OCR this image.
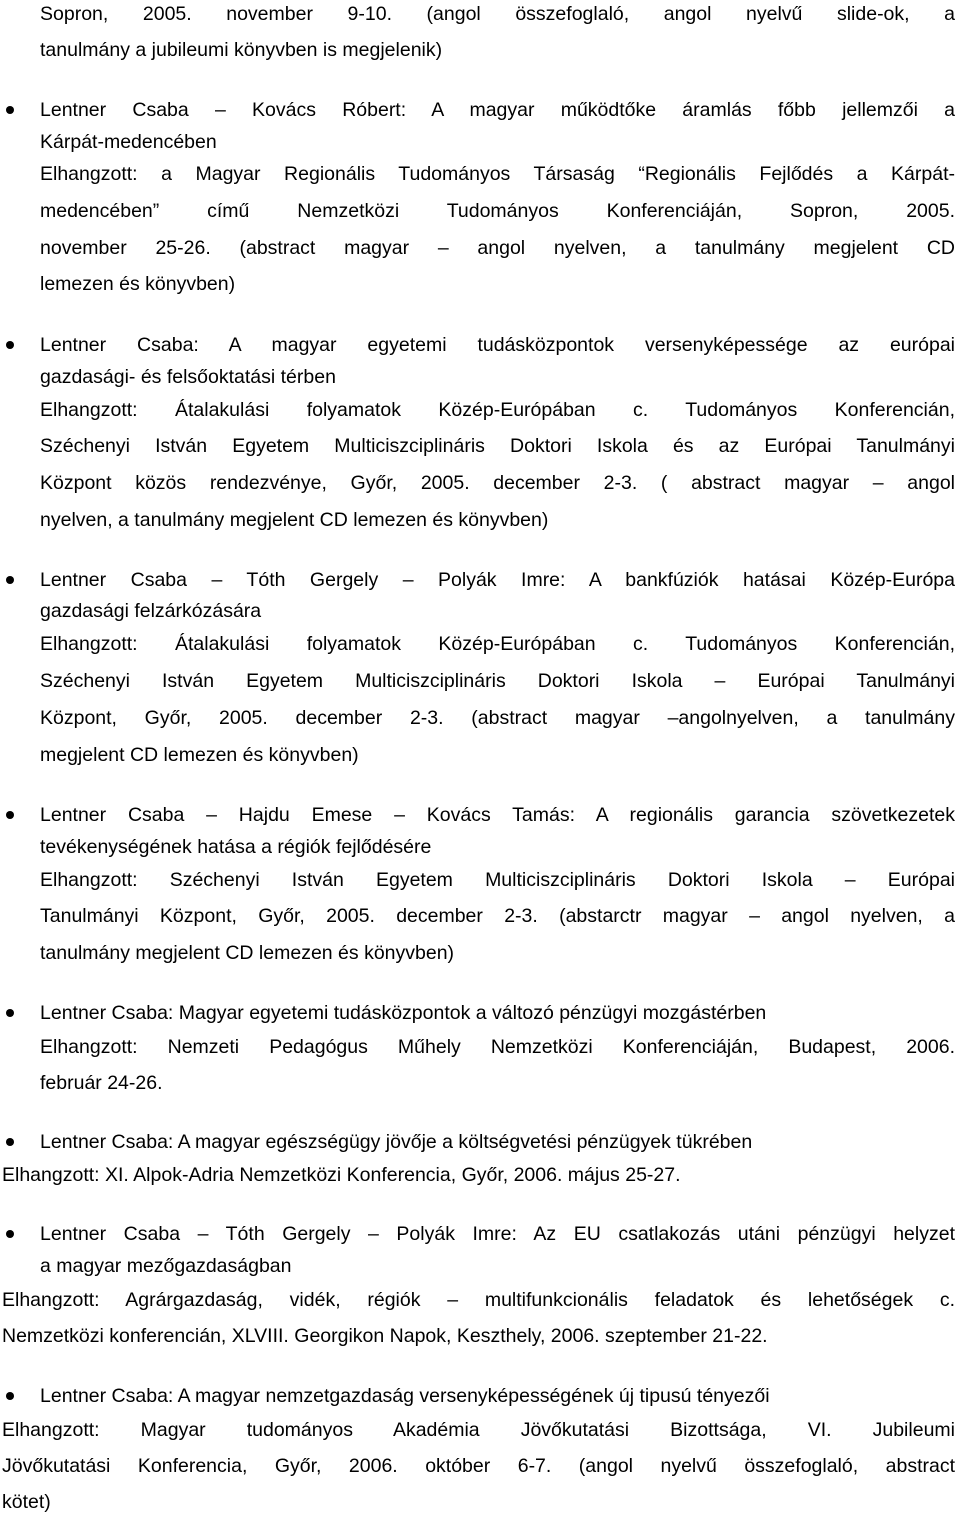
Sopron, 2005. november 9-10. (angol összefoglaló, angol nyelvű slide-ok, a
tanulmány a jubileumi könyvben is megjelenik)
Lentner Csaba – Kovács Róbert: A magyar működtőke áramlás főbb jellemzői a
Kárpát-medencében
Elhangzott: a Magyar Regionális Tudományos Társaság “Regionális Fejlődés a Kárpát-
medencében” című Nemzetközi Tudományos Konferenciáján, Sopron, 2005.
november 25-26. (abstract magyar – angol nyelven, a tanulmány megjelent CD
lemezen és könyvben)
Lentner Csaba: A magyar egyetemi tudásközpontok versenyképessége az európai
gazdasági- és felsőoktatási térben
Elhangzott: Átalakulási folyamatok Közép-Európában c. Tudományos Konferencián,
Széchenyi István Egyetem Multiciszciplináris Doktori Iskola és az Európai Tanulmányi
Központ közös rendezvénye, Győr, 2005. december 2-3. ( abstract magyar – angol
nyelven, a tanulmány megjelent CD lemezen és könyvben)
Lentner Csaba – Tóth Gergely – Polyák Imre: A bankfúziók hatásai Közép-Európa
gazdasági felzárkózására
Elhangzott: Átalakulási folyamatok Közép-Európában c. Tudományos Konferencián,
Széchenyi István Egyetem Multiciszciplináris Doktori Iskola – Európai Tanulmányi
Központ, Győr, 2005. december 2-3. (abstract magyar –angolnyelven, a tanulmány
megjelent CD lemezen és könyvben)
Lentner Csaba – Hajdu Emese – Kovács Tamás: A regionális garancia szövetkezetek
tevékenységének hatása a régiók fejlődésére
Elhangzott: Széchenyi István Egyetem Multiciszciplináris Doktori Iskola – Európai
Tanulmányi Központ, Győr, 2005. december 2-3. (abstarctr magyar – angol nyelven, a
tanulmány megjelent CD lemezen és könyvben)
Lentner Csaba: Magyar egyetemi tudásközpontok a változó pénzügyi mozgástérben
Elhangzott: Nemzeti Pedagógus Műhely Nemzetközi Konferenciáján, Budapest, 2006.
február 24-26.
Lentner Csaba: A magyar egészségügy jövője a költségvetési pénzügyek tükrében
Elhangzott: XI. Alpok-Adria Nemzetközi Konferencia, Győr, 2006. május 25-27.
Lentner Csaba – Tóth Gergely – Polyák Imre: Az EU csatlakozás utáni pénzügyi helyzet
a magyar mezőgazdaságban
Elhangzott: Agrárgazdaság, vidék, régiók – multifunkcionális feladatok és lehetőségek c.
Nemzetközi konferencián, XLVIII. Georgikon Napok, Keszthely, 2006. szeptember 21-22.
Lentner Csaba: A magyar nemzetgazdaság versenyképességének új tipusú tényezői
Elhangzott: Magyar tudományos Akadémia Jövőkutatási Bizottsága, VI. Jubileumi
Jövőkutatási Konferencia, Győr, 2006. október 6-7. (angol nyelvű összefoglaló, abstract
kötet)
